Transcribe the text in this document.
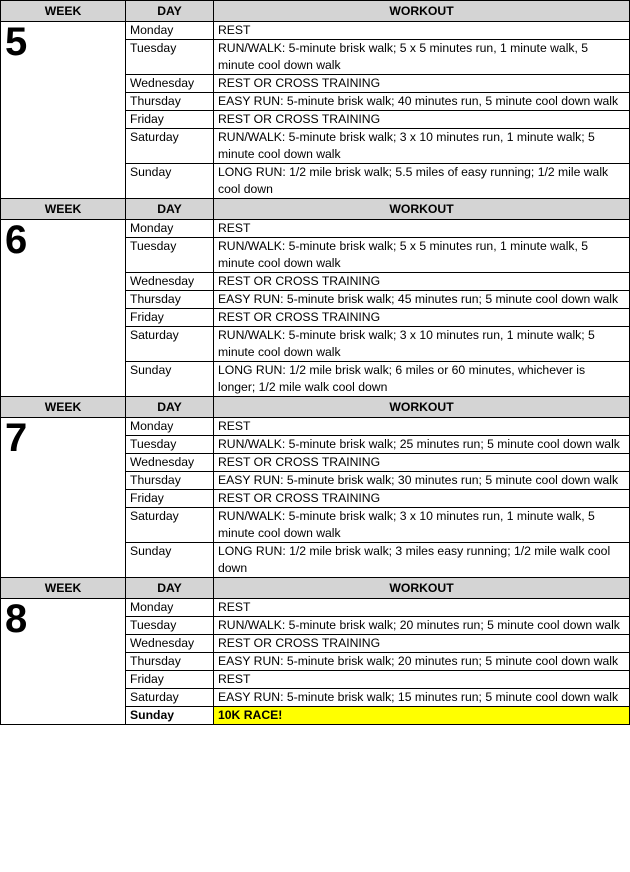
WEEK	DAY	WORKOUT
5	Monday	REST
	Tuesday	RUN/WALK: 5-minute brisk walk; 5 x 5 minutes run, 1 minute walk, 5 minute cool down walk
	Wednesday	REST OR CROSS TRAINING
	Thursday	EASY RUN: 5-minute brisk walk; 40 minutes run, 5 minute cool down walk
	Friday	REST OR CROSS TRAINING
	Saturday	RUN/WALK: 5-minute brisk walk; 3 x 10 minutes run, 1 minute walk; 5 minute cool down walk
	Sunday	LONG RUN: 1/2 mile brisk walk; 5.5 miles of easy running; 1/2 mile walk cool down
WEEK	DAY	WORKOUT
6	Monday	REST
	Tuesday	RUN/WALK: 5-minute brisk walk; 5 x 5 minutes run, 1 minute walk, 5 minute cool down walk
	Wednesday	REST OR CROSS TRAINING
	Thursday	EASY RUN: 5-minute brisk walk; 45 minutes run; 5 minute cool down walk
	Friday	REST OR CROSS TRAINING
	Saturday	RUN/WALK: 5-minute brisk walk; 3 x 10 minutes run, 1 minute walk; 5 minute cool down walk
	Sunday	LONG RUN: 1/2 mile brisk walk; 6 miles or 60 minutes, whichever is longer; 1/2 mile walk cool down
WEEK	DAY	WORKOUT
7	Monday	REST
	Tuesday	RUN/WALK: 5-minute brisk walk; 25 minutes run; 5 minute cool down walk
	Wednesday	REST OR CROSS TRAINING
	Thursday	EASY RUN: 5-minute brisk walk; 30 minutes run; 5 minute cool down walk
	Friday	REST OR CROSS TRAINING
	Saturday	RUN/WALK: 5-minute brisk walk; 3 x 10 minutes run, 1 minute walk, 5 minute cool down walk
	Sunday	LONG RUN: 1/2 mile brisk walk; 3 miles easy running; 1/2 mile walk cool down
WEEK	DAY	WORKOUT
8	Monday	REST
	Tuesday	RUN/WALK: 5-minute brisk walk; 20 minutes run; 5 minute cool down walk
	Wednesday	REST OR CROSS TRAINING
	Thursday	EASY RUN: 5-minute brisk walk; 20 minutes run; 5 minute cool down walk
	Friday	REST
	Saturday	EASY RUN: 5-minute brisk walk; 15 minutes run; 5 minute cool down walk
	Sunday	10K RACE!
